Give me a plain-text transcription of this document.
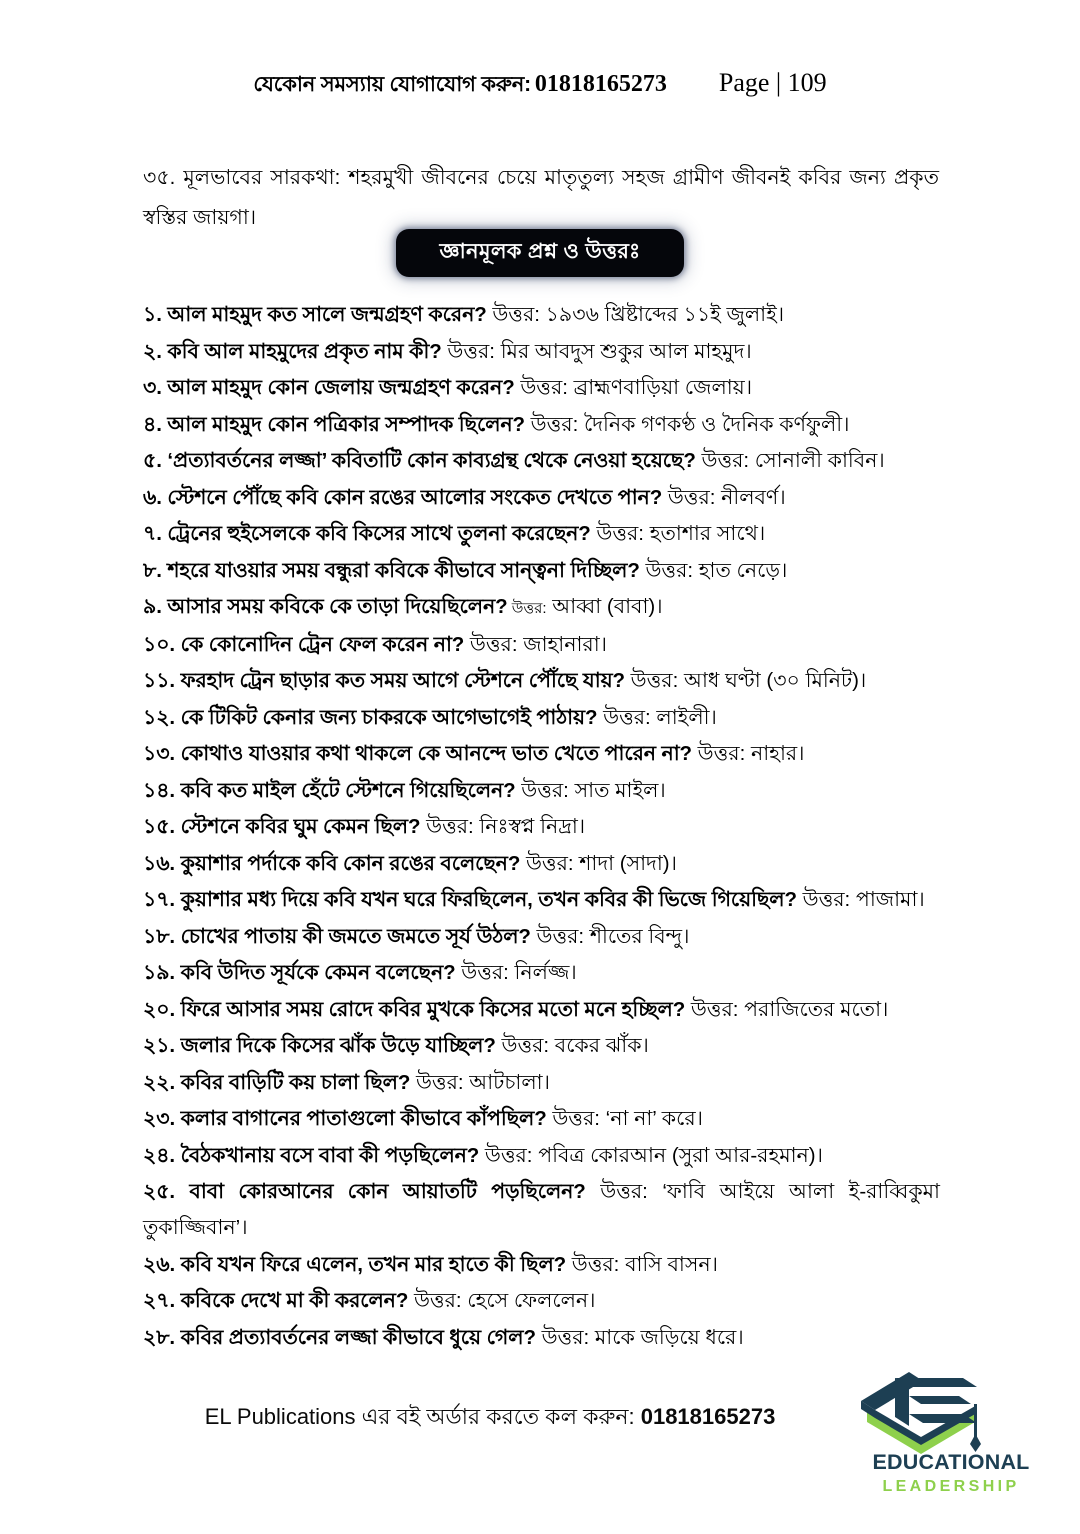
যেকোন সমস্যায় যোগাযোগ করুন: 01818165273 Page | 109
৩৫. মূলভাবের সারকথা: শহরমুখী জীবনের চেয়ে মাতৃতুল্য সহজ গ্রামীণ জীবনই কবির জন্য প্রকৃত স্বস্তির জায়গা।
জ্ঞানমূলক প্রশ্ন ও উত্তরঃ
১. আল মাহমুদ কত সালে জন্মগ্রহণ করেন? উত্তর: ১৯৩৬ খ্রিষ্টাব্দের ১১ই জুলাই।
২. কবি আল মাহমুদের প্রকৃত নাম কী? উত্তর: মির আবদুস শুকুর আল মাহমুদ।
৩. আল মাহমুদ কোন জেলায় জন্মগ্রহণ করেন? উত্তর: ব্রাহ্মণবাড়িয়া জেলায়।
৪. আল মাহমুদ কোন পত্রিকার সম্পাদক ছিলেন? উত্তর: দৈনিক গণকণ্ঠ ও দৈনিক কর্ণফুলী।
৫. ‘প্রত্যাবর্তনের লজ্জা’ কবিতাটি কোন কাব্যগ্রন্থ থেকে নেওয়া হয়েছে? উত্তর: সোনালী কাবিন।
৬. স্টেশনে পৌঁছে কবি কোন রঙের আলোর সংকেত দেখতে পান? উত্তর: নীলবর্ণ।
৭. ট্রেনের হুইসেলকে কবি কিসের সাথে তুলনা করেছেন? উত্তর: হতাশার সাথে।
৮. শহরে যাওয়ার সময় বন্ধুরা কবিকে কীভাবে সান্ত্বনা দিচ্ছিল? উত্তর: হাত নেড়ে।
৯. আসার সময় কবিকে কে তাড়া দিয়েছিলেন? উত্তর: আব্বা (বাবা)।
১০. কে কোনোদিন ট্রেন ফেল করেন না? উত্তর: জাহানারা।
১১. ফরহাদ ট্রেন ছাড়ার কত সময় আগে স্টেশনে পৌঁছে যায়? উত্তর: আধ ঘণ্টা (৩০ মিনিট)।
১২. কে টিকিট কেনার জন্য চাকরকে আগেভাগেই পাঠায়? উত্তর: লাইলী।
১৩. কোথাও যাওয়ার কথা থাকলে কে আনন্দে ভাত খেতে পারেন না? উত্তর: নাহার।
১৪. কবি কত মাইল হেঁটে স্টেশনে গিয়েছিলেন? উত্তর: সাত মাইল।
১৫. স্টেশনে কবির ঘুম কেমন ছিল? উত্তর: নিঃস্বপ্ন নিদ্রা।
১৬. কুয়াশার পর্দাকে কবি কোন রঙের বলেছেন? উত্তর: শাদা (সাদা)।
১৭. কুয়াশার মধ্য দিয়ে কবি যখন ঘরে ফিরছিলেন, তখন কবির কী ভিজে গিয়েছিল? উত্তর: পাজামা।
১৮. চোখের পাতায় কী জমতে জমতে সূর্য উঠল? উত্তর: শীতের বিন্দু।
১৯. কবি উদিত সূর্যকে কেমন বলেছেন? উত্তর: নির্লজ্জ।
২০. ফিরে আসার সময় রোদে কবির মুখকে কিসের মতো মনে হচ্ছিল? উত্তর: পরাজিতের মতো।
২১. জলার দিকে কিসের ঝাঁক উড়ে যাচ্ছিল? উত্তর: বকের ঝাঁক।
২২. কবির বাড়িটি কয় চালা ছিল? উত্তর: আটচালা।
২৩. কলার বাগানের পাতাগুলো কীভাবে কাঁপছিল? উত্তর: ‘না না’ করে।
২৪. বৈঠকখানায় বসে বাবা কী পড়ছিলেন? উত্তর: পবিত্র কোরআন (সুরা আর-রহমান)।
২৫. বাবা কোরআনের কোন আয়াতটি পড়ছিলেন? উত্তর: ‘ফাবি আইয়ে আলা ই-রাব্বিকুমা তুকাজ্জিবান’।
২৬. কবি যখন ফিরে এলেন, তখন মার হাতে কী ছিল? উত্তর: বাসি বাসন।
২৭. কবিকে দেখে মা কী করলেন? উত্তর: হেসে ফেললেন।
২৮. কবির প্রত্যাবর্তনের লজ্জা কীভাবে ধুয়ে গেল? উত্তর: মাকে জড়িয়ে ধরে।
EL Publications এর বই অর্ডার করতে কল করুন: 01818165273
EDUCATIONAL
LEADERSHIP
